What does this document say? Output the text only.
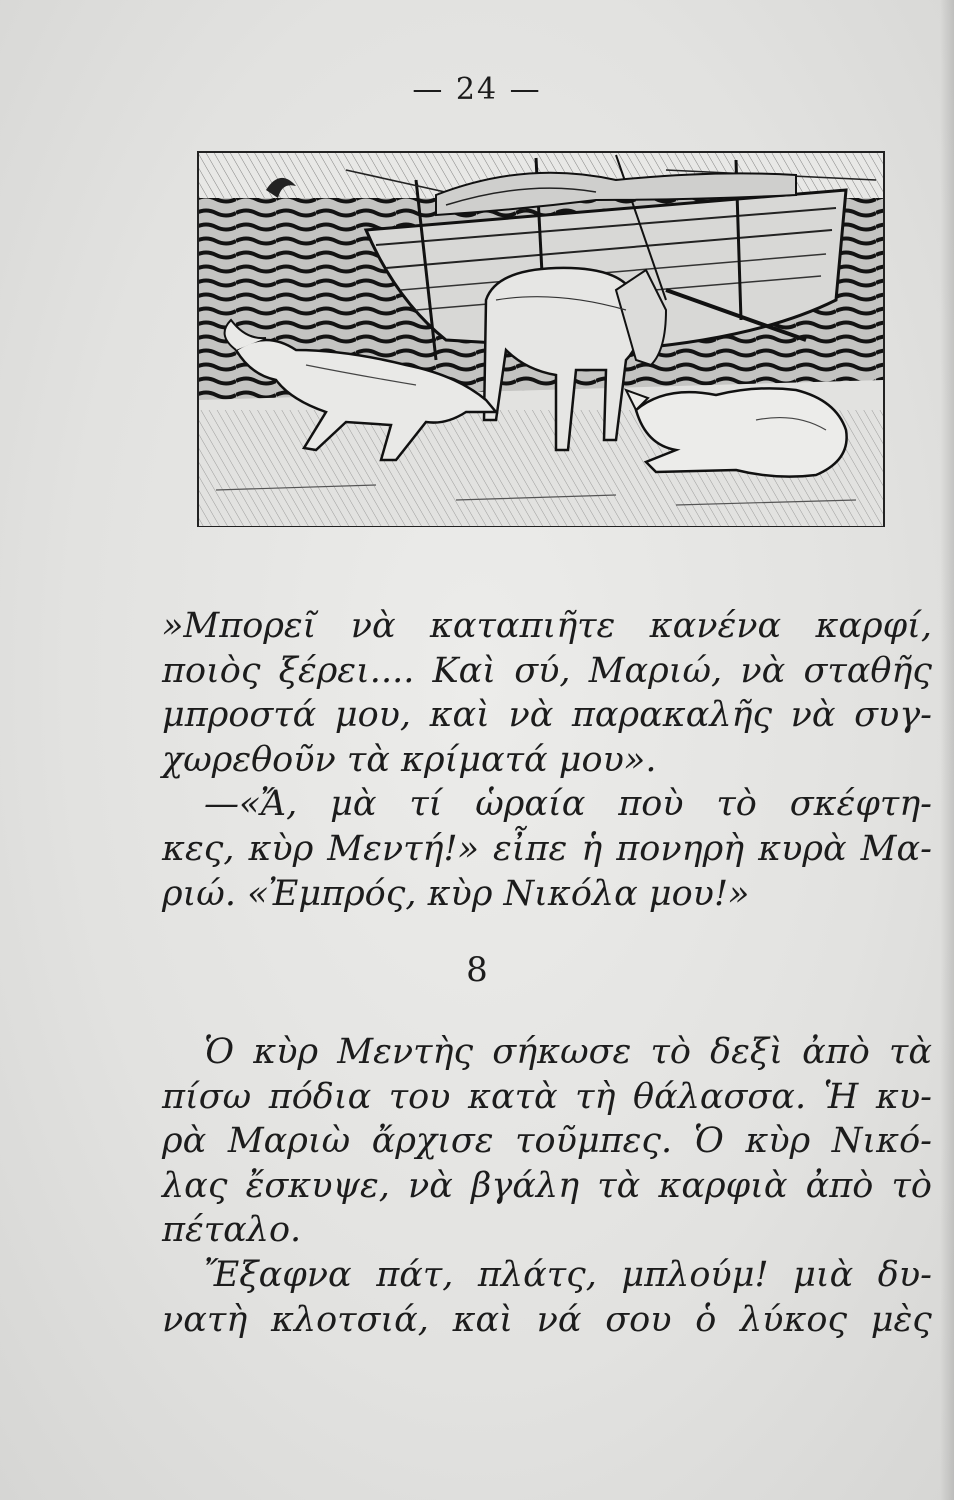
— 24 —
»Μπορεῖ νὰ καταπιῆτε κανένα καρφί,
ποιὸς ξέρει.... Καὶ σύ, Μαριώ, νὰ σταθῆς
μπροστά μου, καὶ νὰ παρακαλῆς νὰ συγ-
χωρεθοῦν τὰ κρίματά μου».
—«Ἄ, μὰ τί ὡραία ποὺ τὸ σκέφτη-
κες, κὺρ Μεντή!» εἶπε ἡ πονηρὴ κυρὰ Μα-
ριώ. «Ἐμπρός, κὺρ Νικόλα μου!»
8
Ὁ κὺρ Μεντὴς σήκωσε τὸ δεξὶ ἀπὸ τὰ
πίσω πόδια του κατὰ τὴ θάλασσα. Ἡ κυ-
ρὰ Μαριὼ ἄρχισε τοῦμπες. Ὁ κὺρ Νικό-
λας ἔσκυψε, νὰ βγάλη τὰ καρφιὰ ἀπὸ τὸ
πέταλο.
Ἔξαφνα πάτ, πλάτς, μπλούμ! μιὰ δυ-
νατὴ κλοτσιά, καὶ νά σου ὁ λύκος μὲς
